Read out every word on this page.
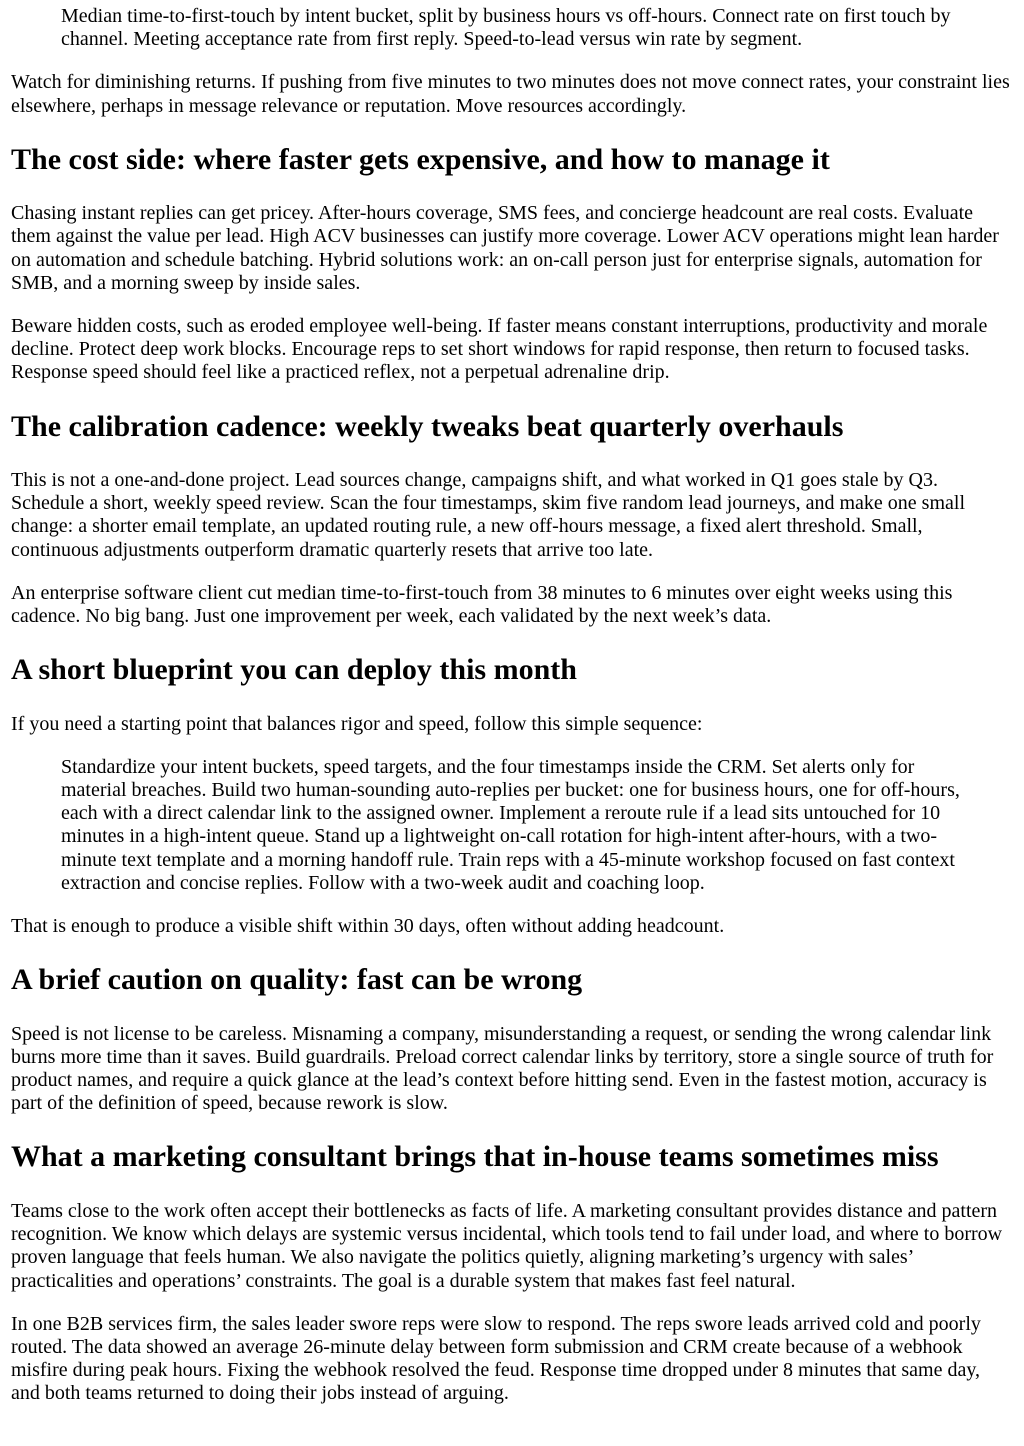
Median time-to-first-touch by intent bucket, split by business hours vs off-hours. Connect rate on first touch by channel. Meeting acceptance rate from first reply. Speed-to-lead versus win rate by segment.

Watch for diminishing returns. If pushing from five minutes to two minutes does not move connect rates, your constraint lies elsewhere, perhaps in message relevance or reputation. Move resources accordingly.

The cost side: where faster gets expensive, and how to manage it

Chasing instant replies can get pricey. After-hours coverage, SMS fees, and concierge headcount are real costs. Evaluate them against the value per lead. High ACV businesses can justify more coverage. Lower ACV operations might lean harder on automation and schedule batching. Hybrid solutions work: an on-call person just for enterprise signals, automation for SMB, and a morning sweep by inside sales.

Beware hidden costs, such as eroded employee well-being. If faster means constant interruptions, productivity and morale decline. Protect deep work blocks. Encourage reps to set short windows for rapid response, then return to focused tasks. Response speed should feel like a practiced reflex, not a perpetual adrenaline drip.

The calibration cadence: weekly tweaks beat quarterly overhauls

This is not a one-and-done project. Lead sources change, campaigns shift, and what worked in Q1 goes stale by Q3. Schedule a short, weekly speed review. Scan the four timestamps, skim five random lead journeys, and make one small change: a shorter email template, an updated routing rule, a new off-hours message, a fixed alert threshold. Small, continuous adjustments outperform dramatic quarterly resets that arrive too late.

An enterprise software client cut median time-to-first-touch from 38 minutes to 6 minutes over eight weeks using this cadence. No big bang. Just one improvement per week, each validated by the next week’s data.

A short blueprint you can deploy this month

If you need a starting point that balances rigor and speed, follow this simple sequence:

Standardize your intent buckets, speed targets, and the four timestamps inside the CRM. Set alerts only for material breaches. Build two human-sounding auto-replies per bucket: one for business hours, one for off-hours, each with a direct calendar link to the assigned owner. Implement a reroute rule if a lead sits untouched for 10 minutes in a high-intent queue. Stand up a lightweight on-call rotation for high-intent after-hours, with a two-minute text template and a morning handoff rule. Train reps with a 45-minute workshop focused on fast context extraction and concise replies. Follow with a two-week audit and coaching loop.

That is enough to produce a visible shift within 30 days, often without adding headcount.

A brief caution on quality: fast can be wrong

Speed is not license to be careless. Misnaming a company, misunderstanding a request, or sending the wrong calendar link burns more time than it saves. Build guardrails. Preload correct calendar links by territory, store a single source of truth for product names, and require a quick glance at the lead’s context before hitting send. Even in the fastest motion, accuracy is part of the definition of speed, because rework is slow.

What a marketing consultant brings that in-house teams sometimes miss

Teams close to the work often accept their bottlenecks as facts of life. A marketing consultant provides distance and pattern recognition. We know which delays are systemic versus incidental, which tools tend to fail under load, and where to borrow proven language that feels human. We also navigate the politics quietly, aligning marketing’s urgency with sales’ practicalities and operations’ constraints. The goal is a durable system that makes fast feel natural.

In one B2B services firm, the sales leader swore reps were slow to respond. The reps swore leads arrived cold and poorly routed. The data showed an average 26-minute delay between form submission and CRM create because of a webhook misfire during peak hours. Fixing the webhook resolved the feud. Response time dropped under 8 minutes that same day, and both teams returned to doing their jobs instead of arguing.
